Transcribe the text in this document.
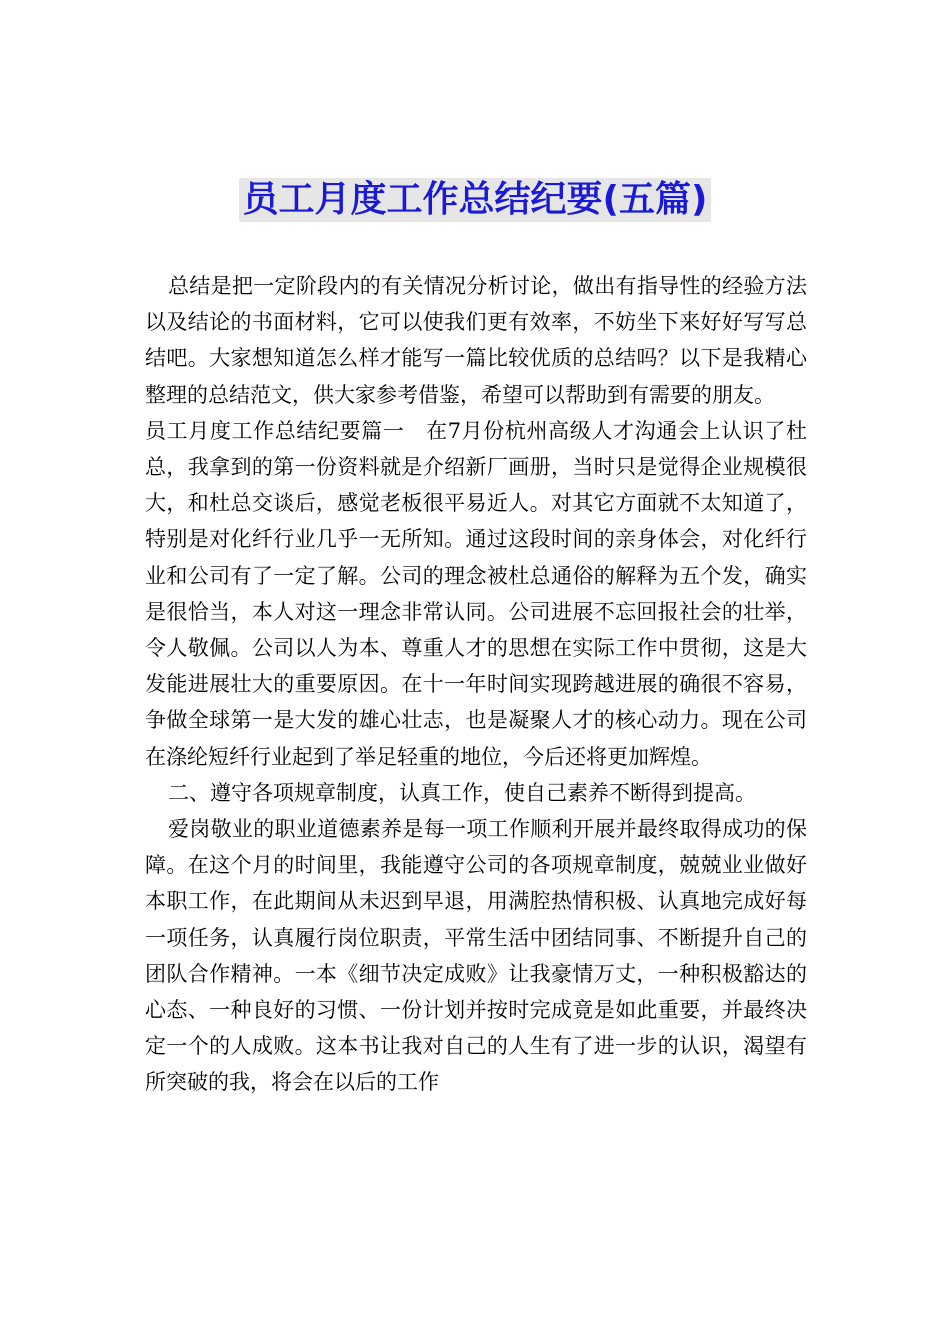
员工月度工作总结纪要(五篇)

总结是把一定阶段内的有关情况分析讨论，做出有指导性的经验方法以及结论的书面材料，它可以使我们更有效率，不妨坐下来好好写写总结吧。大家想知道怎么样才能写一篇比较优质的总结吗？以下是我精心整理的总结范文，供大家参考借鉴，希望可以帮助到有需要的朋友。

员工月度工作总结纪要篇一　在7月份杭州高级人才沟通会上认识了杜总，我拿到的第一份资料就是介绍新厂画册，当时只是觉得企业规模很大，和杜总交谈后，感觉老板很平易近人。对其它方面就不太知道了，特别是对化纤行业几乎一无所知。通过这段时间的亲身体会，对化纤行业和公司有了一定了解。公司的理念被杜总通俗的解释为五个发，确实是很恰当，本人对这一理念非常认同。公司进展不忘回报社会的壮举，令人敬佩。公司以人为本、尊重人才的思想在实际工作中贯彻，这是大发能进展壮大的重要原因。在十一年时间实现跨越进展的确很不容易，争做全球第一是大发的雄心壮志，也是凝聚人才的核心动力。现在公司在涤纶短纤行业起到了举足轻重的地位，今后还将更加辉煌。

二、遵守各项规章制度，认真工作，使自己素养不断得到提高。

爱岗敬业的职业道德素养是每一项工作顺利开展并最终取得成功的保障。在这个月的时间里，我能遵守公司的各项规章制度，兢兢业业做好本职工作，在此期间从未迟到早退，用满腔热情积极、认真地完成好每一项任务，认真履行岗位职责，平常生活中团结同事、不断提升自己的团队合作精神。一本《细节决定成败》让我豪情万丈，一种积极豁达的心态、一种良好的习惯、一份计划并按时完成竟是如此重要，并最终决定一个的人成败。这本书让我对自己的人生有了进一步的认识，渴望有所突破的我，将会在以后的工作
